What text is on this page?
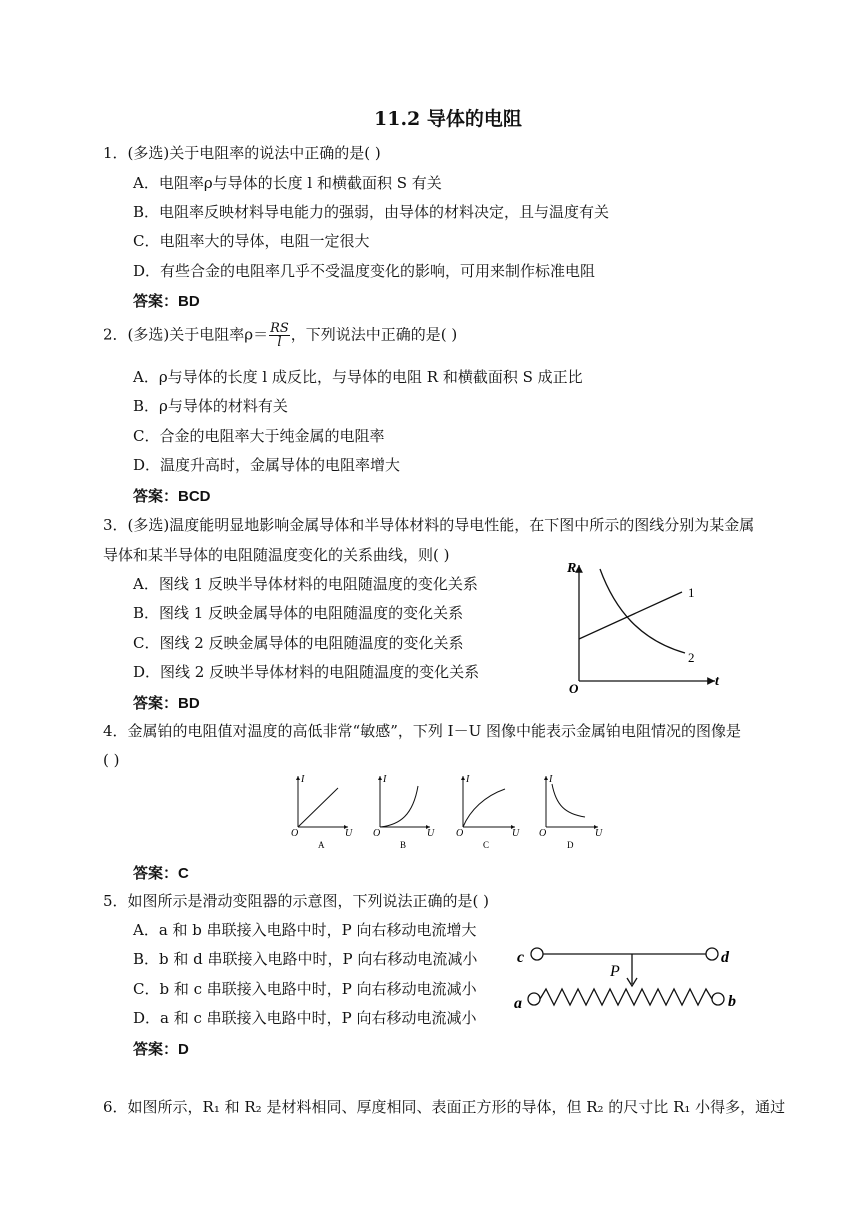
11.2 导体的电阻
1．(多选)关于电阻率的说法中正确的是( )
A．电阻率ρ与导体的长度 l 和横截面积 S 有关
B．电阻率反映材料导电能力的强弱，由导体的材料决定，且与温度有关
C．电阻率大的导体，电阻一定很大
D．有些合金的电阻率几乎不受温度变化的影响，可用来制作标准电阻
答案：BD
2．(多选)关于电阻率$\rho= \frac{RS}{l}$ ，下列说法中正确的是( )
A．ρ与导体的长度 l 成反比，与导体的电阻 R 和横截面积 S 成正比
B．ρ与导体的材料有关
C．合金的电阻率大于纯金属的电阻率
D．温度升高时，金属导体的电阻率增大
答案：BCD
3．(多选)温度能明显地影响金属导体和半导体材料的导电性能，在下图中所示的图线分别为某金属
导体和某半导体的电阻随温度变化的关系曲线，则( )
A．图线 1 反映半导体材料的电阻随温度的变化关系
B．图线 1 反映金属导体的电阻随温度的变化关系
C．图线 2 反映金属导体的电阻随温度的变化关系
D．图线 2 反映半导体材料的电阻随温度的变化关系
答案：BD
R
t
O
1
2
4．金属铂的电阻值对温度的高低非常“敏感”，下列 I－U 图像中能表示金属铂电阻情况的图像是
( )
I
U
O
A
I
U
O
B
I
U
O
C
I
U
O
D
答案：C
5．如图所示是滑动变阻器的示意图，下列说法正确的是( )
A．a 和 b 串联接入电路中时，P 向右移动电流增大
B．b 和 d 串联接入电路中时，P 向右移动电流减小
C．b 和 c 串联接入电路中时，P 向右移动电流减小
D．a 和 c 串联接入电路中时，P 向右移动电流减小
答案：D
c	d
P
a	b
6．如图所示，R₁ 和 R₂ 是材料相同、厚度相同、表面正方形的导体，但 R₂ 的尺寸比 R₁ 小得多，通过
